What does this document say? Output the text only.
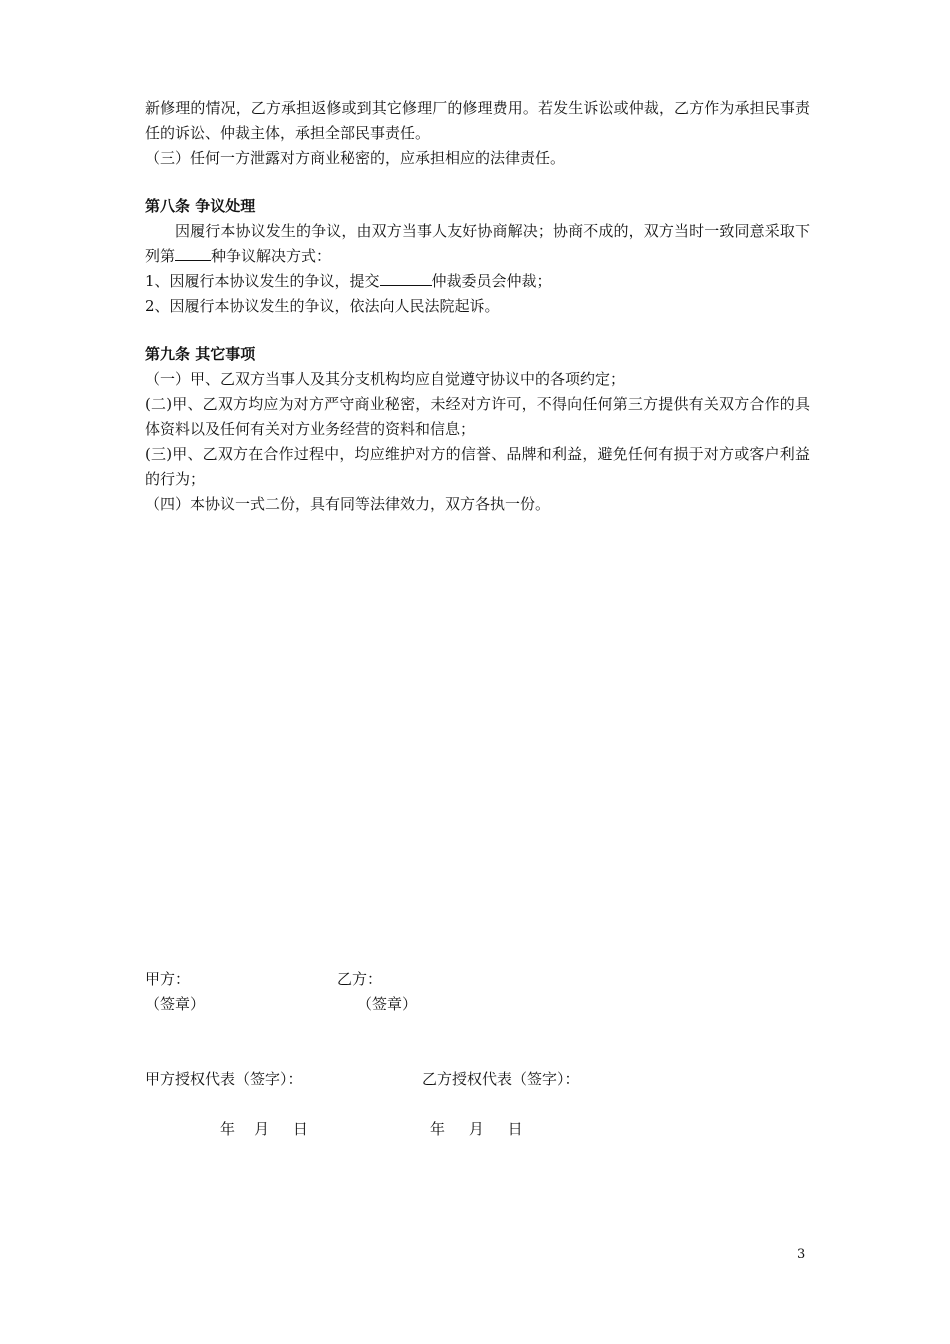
新修理的情况，乙方承担返修或到其它修理厂的修理费用。若发生诉讼或仲裁，乙方作为承担民事责任的诉讼、仲裁主体，承担全部民事责任。

（三）任何一方泄露对方商业秘密的，应承担相应的法律责任。

第八条 争议处理

因履行本协议发生的争议，由双方当事人友好协商解决；协商不成的，双方当时一致同意采取下列第 种争议解决方式：

1、因履行本协议发生的争议，提交	仲裁委员会仲裁；

2、因履行本协议发生的争议，依法向人民法院起诉。

第九条 其它事项

（一）甲、乙双方当事人及其分支机构均应自觉遵守协议中的各项约定；

(二)甲、乙双方均应为对方严守商业秘密，未经对方许可，不得向任何第三方提供有关双方合作的具体资料以及任何有关对方业务经营的资料和信息；

(三)甲、乙双方在合作过程中，均应维护对方的信誉、品牌和利益，避免任何有损于对方或客户利益的行为；

（四）本协议一式二份，具有同等法律效力，双方各执一份。

甲方：	乙方：
（签章）	（签章）
甲方授权代表（签字）：	乙方授权代表（签字）：
年    月     日	年     月     日
3
